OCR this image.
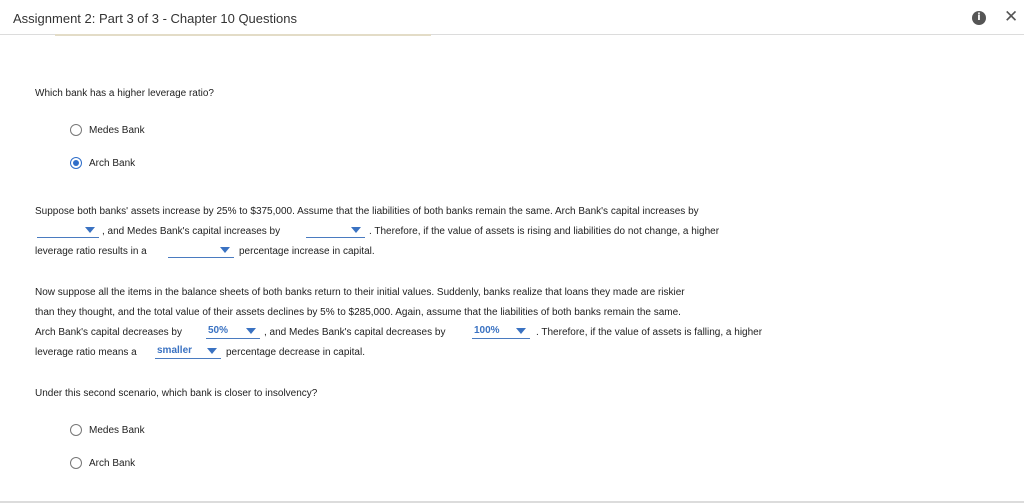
Assignment 2: Part 3 of 3 - Chapter 10 Questions	i	✕
Which bank has a higher leverage ratio?
Medes Bank
Arch Bank
Suppose both banks' assets increase by 25% to $375,000. Assume that the liabilities of both banks remain the same. Arch Bank's capital increases by
, and Medes Bank's capital increases by	. Therefore, if the value of assets is rising and liabilities do not change, a higher
leverage ratio results in a	percentage increase in capital.
Now suppose all the items in the balance sheets of both banks return to their initial values. Suddenly, banks realize that loans they made are riskier
than they thought, and the total value of their assets declines by 5% to $285,000. Again, assume that the liabilities of both banks remain the same.
Arch Bank's capital decreases by	50%	, and Medes Bank's capital decreases by	100%	. Therefore, if the value of assets is falling, a higher
leverage ratio means a smaller	percentage decrease in capital.
Under this second scenario, which bank is closer to insolvency?
Medes Bank
Arch Bank
